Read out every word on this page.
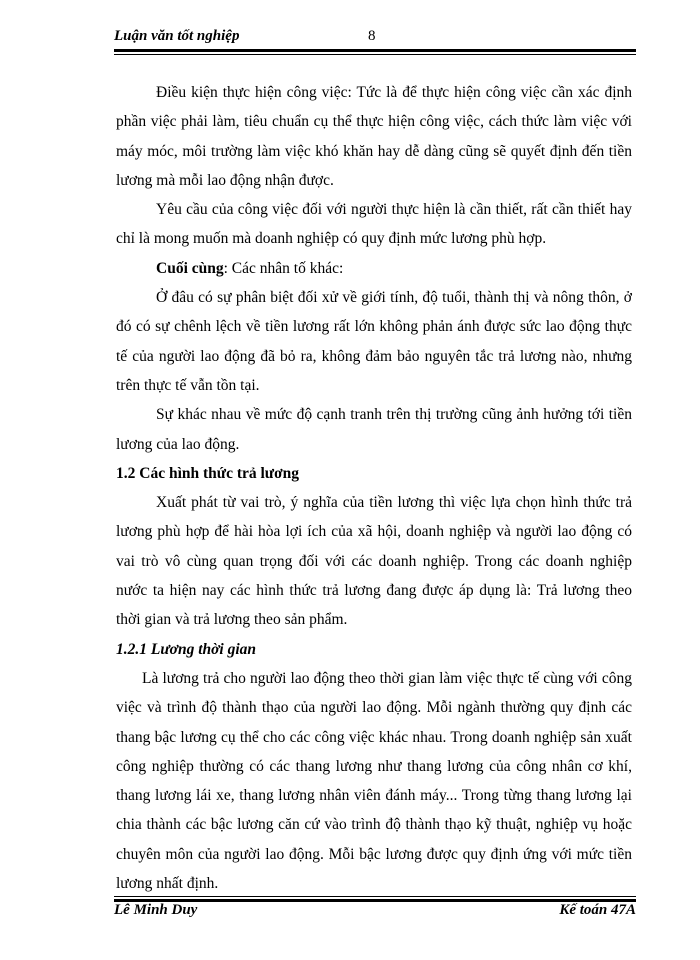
Luận văn tốt nghiệp	8

Điều kiện thực hiện công việc: Tức là để thực hiện công việc cần xác định phần việc phải làm, tiêu chuẩn cụ thể thực hiện công việc, cách thức làm việc với máy móc, môi trường làm việc khó khăn hay dễ dàng cũng sẽ quyết định đến tiền lương mà mỗi lao động nhận được.

Yêu cầu của công việc đối với người thực hiện là cần thiết, rất cần thiết hay chỉ là mong muốn mà doanh nghiệp có quy định mức lương phù hợp.

Cuối cùng: Các nhân tố khác:

Ở đâu có sự phân biệt đối xử về giới tính, độ tuổi, thành thị và nông thôn, ở đó có sự chênh lệch về tiền lương rất lớn không phản ánh được sức lao động thực tế của người lao động đã bỏ ra, không đảm bảo nguyên tắc trả lương nào, nhưng trên thực tế vẫn tồn tại.

Sự khác nhau về mức độ cạnh tranh trên thị trường cũng ảnh hưởng tới tiền lương của lao động.

1.2 Các hình thức trả lương

Xuất phát từ vai trò, ý nghĩa của tiền lương thì việc lựa chọn hình thức trả lương phù hợp để hài hòa lợi ích của xã hội, doanh nghiệp và người lao động có vai trò vô cùng quan trọng đối với các doanh nghiệp. Trong các doanh nghiệp nước ta hiện nay các hình thức trả lương đang được áp dụng là: Trả lương theo thời gian và trả lương theo sản phẩm.

1.2.1 Lương thời gian

Là lương trả cho người lao động theo thời gian làm việc thực tế cùng với công việc và trình độ thành thạo của người lao động. Mỗi ngành thường quy định các thang bậc lương cụ thể cho các công việc khác nhau. Trong doanh nghiệp sản xuất công nghiệp thường có các thang lương như thang lương của công nhân cơ khí, thang lương lái xe, thang lương nhân viên đánh máy... Trong từng thang lương lại chia thành các bậc lương căn cứ vào trình độ thành thạo kỹ thuật, nghiệp vụ hoặc chuyên môn của người lao động. Mỗi bậc lương được quy định ứng với mức tiền lương nhất định.

Lê Minh Duy	Kế toán 47A
